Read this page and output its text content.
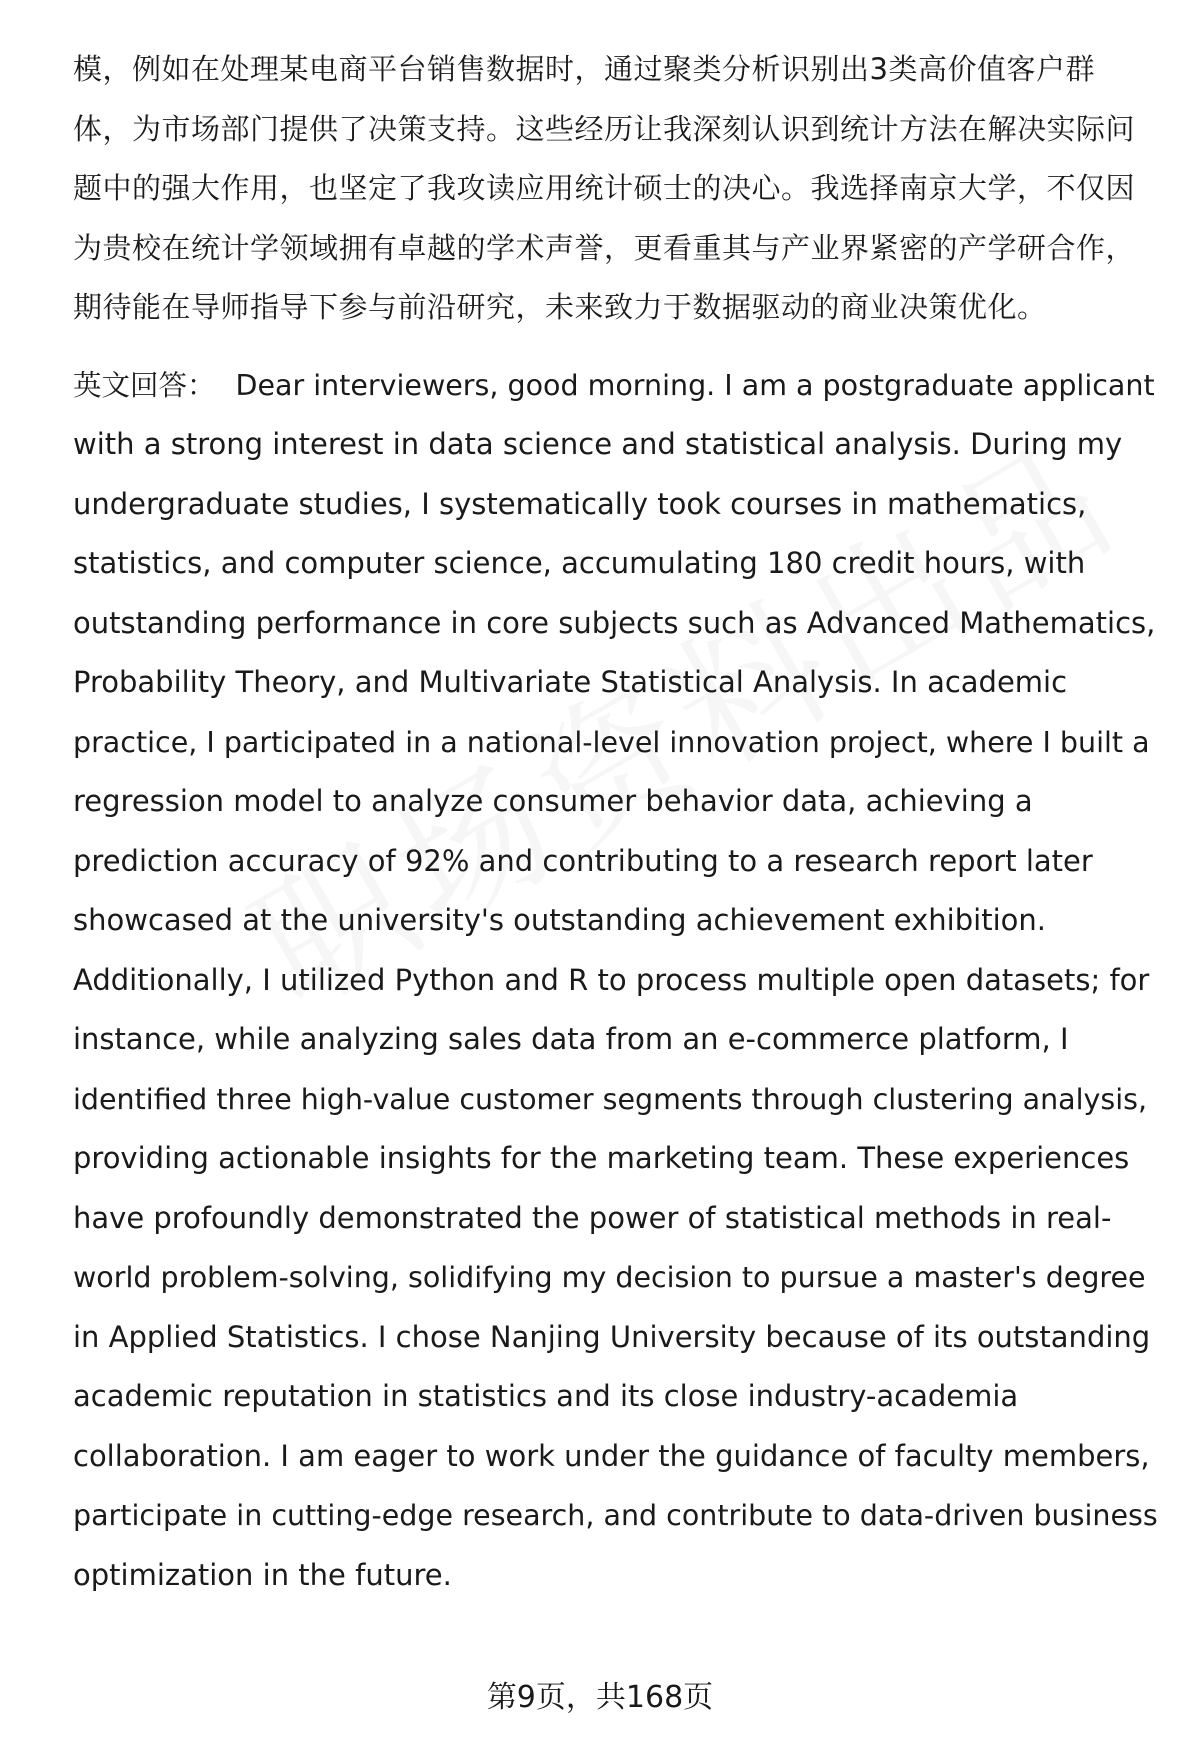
模，例如在处理某电商平台销售数据时，通过聚类分析识别出3类高价值客户群
体，为市场部门提供了决策支持。这些经历让我深刻认识到统计方法在解决实际问
题中的强大作用，也坚定了我攻读应用统计硕士的决心。我选择南京大学，不仅因
为贵校在统计学领域拥有卓越的学术声誉，更看重其与产业界紧密的产学研合作，
期待能在导师指导下参与前沿研究，未来致力于数据驱动的商业决策优化。

英文回答： Dear interviewers, good morning. I am a postgraduate applicant
with a strong interest in data science and statistical analysis. During my
undergraduate studies, I systematically took courses in mathematics,
statistics, and computer science, accumulating 180 credit hours, with
outstanding performance in core subjects such as Advanced Mathematics,
Probability Theory, and Multivariate Statistical Analysis. In academic
practice, I participated in a national-level innovation project, where I built a
regression model to analyze consumer behavior data, achieving a
prediction accuracy of 92% and contributing to a research report later
showcased at the university's outstanding achievement exhibition.
Additionally, I utilized Python and R to process multiple open datasets; for
instance, while analyzing sales data from an e-commerce platform, I
identified three high-value customer segments through clustering analysis,
providing actionable insights for the marketing team. These experiences
have profoundly demonstrated the power of statistical methods in real-
world problem-solving, solidifying my decision to pursue a master's degree
in Applied Statistics. I chose Nanjing University because of its outstanding
academic reputation in statistics and its close industry-academia
collaboration. I am eager to work under the guidance of faculty members,
participate in cutting-edge research, and contribute to data-driven business
optimization in the future.

第9页，共168页
